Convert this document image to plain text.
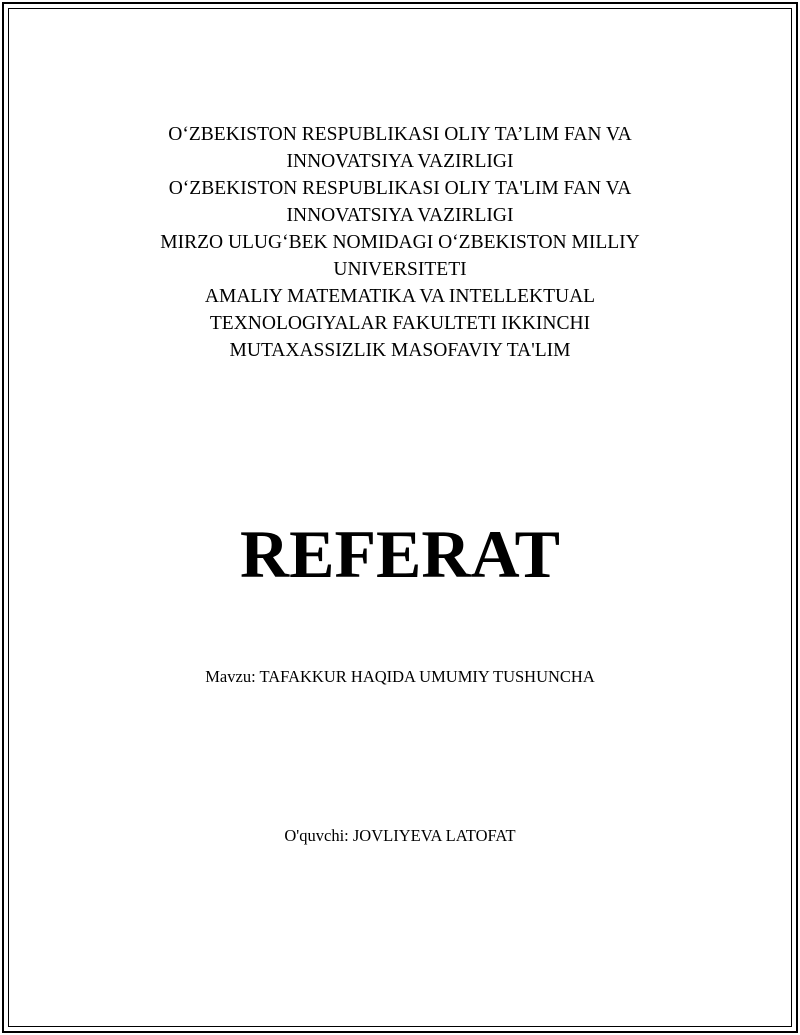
O‘ZBEKISTON RESPUBLIKASI OLIY TA’LIM FAN VA
INNOVATSIYA VAZIRLIGI
O‘ZBEKISTON RESPUBLIKASI OLIY TA'LIM FAN VA
INNOVATSIYA VAZIRLIGI
MIRZO ULUG‘BEK NOMIDAGI O‘ZBEKISTON MILLIY
UNIVERSITETI
AMALIY MATEMATIKA VA INTELLEKTUAL
TEXNOLOGIYALAR FAKULTETI IKKINCHI
MUTAXASSIZLIK MASOFAVIY TA'LIM
REFERAT
Mavzu: TAFAKKUR HAQIDA UMUMIY TUSHUNCHA
O'quvchi: JOVLIYEVA LATOFAT
